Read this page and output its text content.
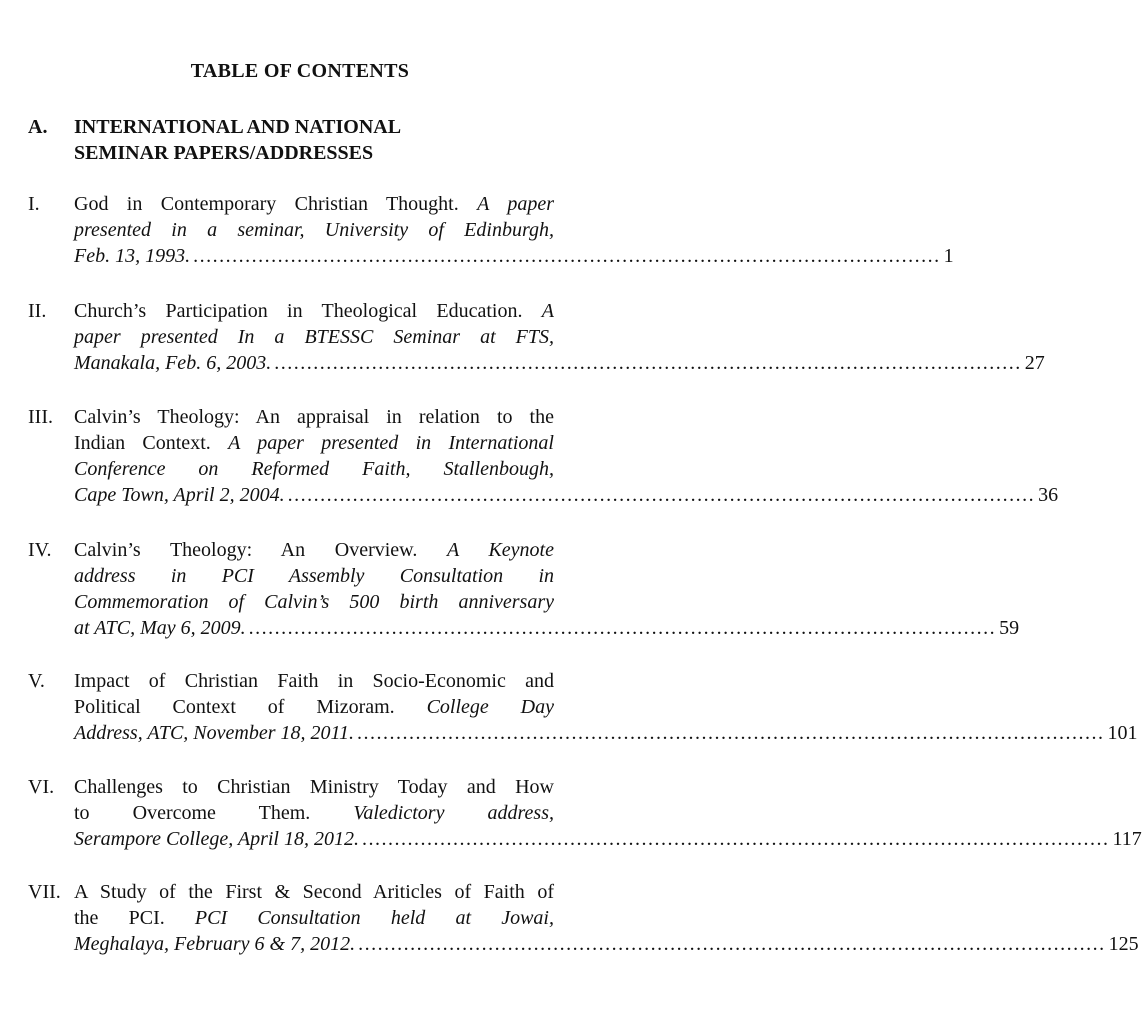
TABLE OF CONTENTS
A. INTERNATIONAL AND NATIONAL
SEMINAR PAPERS/ADDRESSES
I. God in Contemporary Christian Thought. A paper
presented in a seminar, University of Edinburgh,
Feb. 13, 1993. ................................................................................................................... 1
II. Church’s Participation in Theological Education. A
paper presented In a BTESSC Seminar at FTS,
Manakala, Feb. 6, 2003. ................................................................................................................... 27
III. Calvin’s Theology: An appraisal in relation to the
Indian Context. A paper presented in International
Conference on Reformed Faith, Stallenbough,
Cape Town, April 2, 2004. ................................................................................................................... 36
IV. Calvin’s Theology: An Overview. A Keynote
address in PCI Assembly Consultation in
Commemoration of Calvin’s 500 birth anniversary
at ATC, May 6, 2009. ................................................................................................................... 59
V. Impact of Christian Faith in Socio-Economic and
Political Context of Mizoram. College Day
Address, ATC, November 18, 2011. ................................................................................................................... 101
VI. Challenges to Christian Ministry Today and How
to Overcome Them. Valedictory address,
Serampore College, April 18, 2012. ................................................................................................................... 117
VII. A Study of the First & Second Ariticles of Faith of
the PCI. PCI Consultation held at Jowai,
Meghalaya, February 6 & 7, 2012. ................................................................................................................... 125
